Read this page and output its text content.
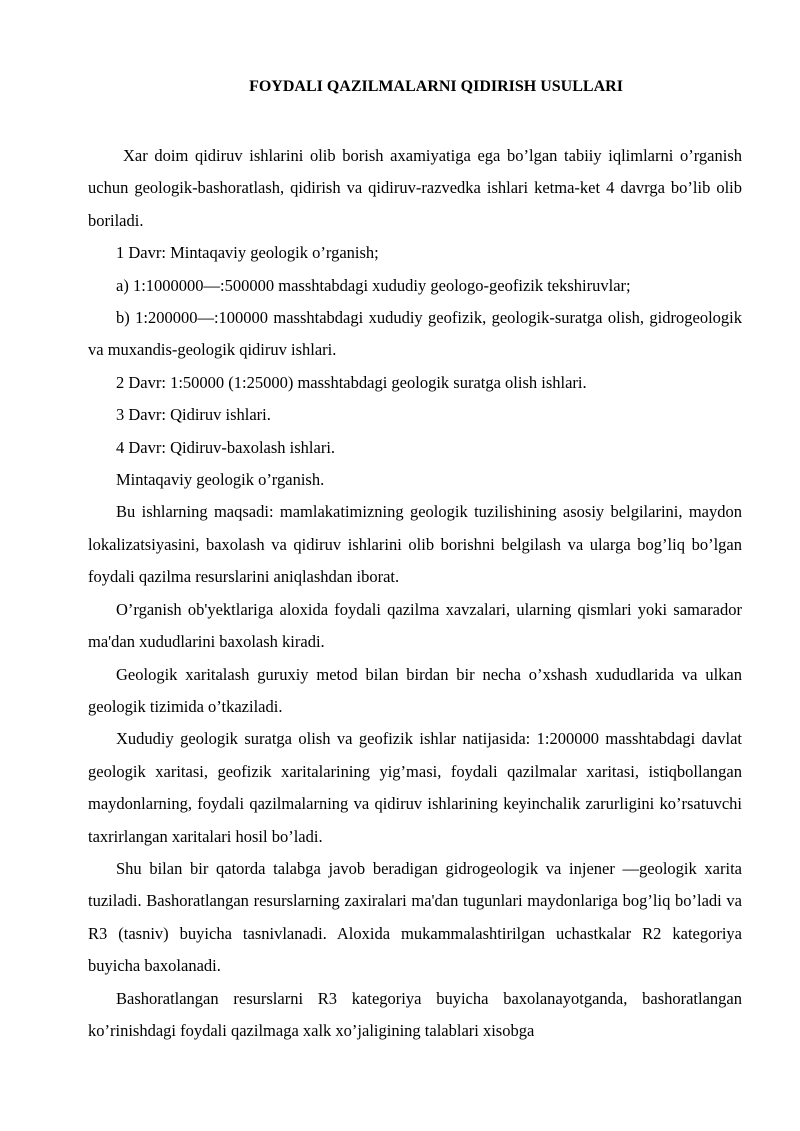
FOYDALI QAZILMALARNI QIDIRISH USULLARI

Xar doim qidiruv ishlarini olib borish axamiyatiga ega bo’lgan tabiiy iqlimlarni o’rganish uchun geologik-bashoratlash, qidirish va qidiruv-razvedka ishlari ketma-ket 4 davrga bo’lib olib boriladi.

1 Davr: Mintaqaviy geologik o’rganish;

a) 1:1000000—:500000 masshtabdagi xududiy geologo-geofizik tekshiruvlar;

b) 1:200000—:100000 masshtabdagi xududiy geofizik, geologik-suratga olish, gidrogeologik va muxandis-geologik qidiruv ishlari.

2 Davr: 1:50000 (1:25000) masshtabdagi geologik suratga olish ishlari.

3 Davr: Qidiruv ishlari.

4 Davr: Qidiruv-baxolash ishlari.

Mintaqaviy geologik o’rganish.

Bu ishlarning maqsadi: mamlakatimizning geologik tuzilishining asosiy belgilarini, maydon lokalizatsiyasini, baxolash va qidiruv ishlarini olib borishni belgilash va ularga bog’liq bo’lgan foydali qazilma resurslarini aniqlashdan iborat.

O’rganish ob'yektlariga aloxida foydali qazilma xavzalari, ularning qismlari yoki samarador ma'dan xududlarini baxolash kiradi.

Geologik xaritalash guruxiy metod bilan birdan bir necha o’xshash xududlarida va ulkan geologik tizimida o’tkaziladi.

Xududiy geologik suratga olish va geofizik ishlar natijasida: 1:200000 masshtabdagi davlat geologik xaritasi, geofizik xaritalarining yig’masi, foydali qazilmalar xaritasi, istiqbollangan maydonlarning, foydali qazilmalarning va qidiruv ishlarining keyinchalik zarurligini ko’rsatuvchi taxrirlangan xaritalari hosil bo’ladi.

Shu bilan bir qatorda talabga javob beradigan gidrogeologik va injener —geologik xarita tuziladi. Bashoratlangan resurslarning zaxiralari ma'dan tugunlari maydonlariga bog’liq bo’ladi va R3 (tasniv) buyicha tasnivlanadi. Aloxida mukammalashtirilgan uchastkalar R2 kategoriya buyicha baxolanadi.

Bashoratlangan resurslarni R3 kategoriya buyicha baxolanayotganda, bashoratlangan ko’rinishdagi foydali qazilmaga xalk xo’jaligining talablari xisobga
